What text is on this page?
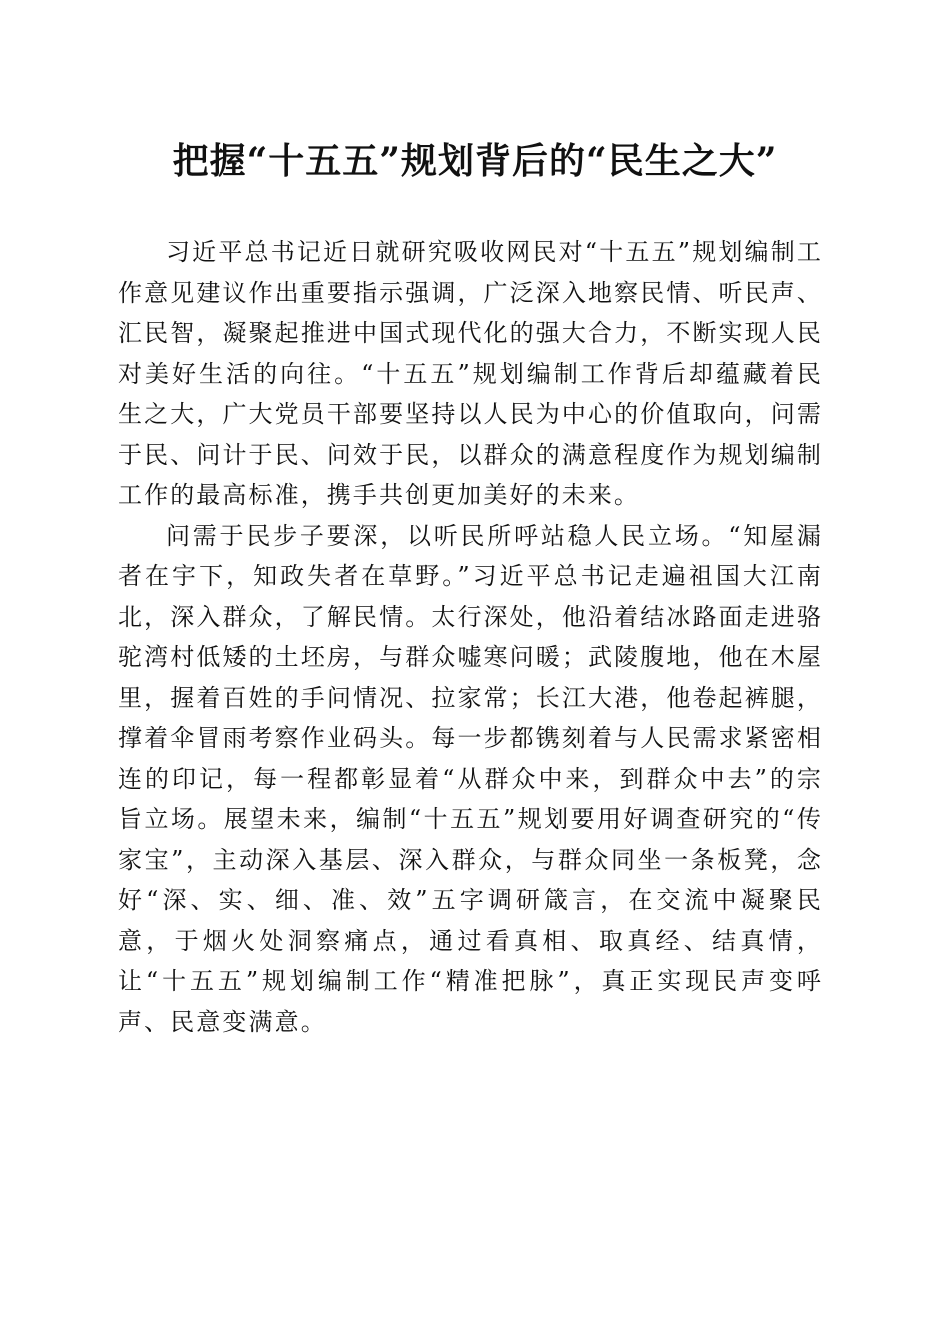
把握“十五五”规划背后的“民生之大”

习近平总书记近日就研究吸收网民对“十五五”规划编制工作意见建议作出重要指示强调，广泛深入地察民情、听民声、汇民智，凝聚起推进中国式现代化的强大合力，不断实现人民对美好生活的向往。“十五五”规划编制工作背后却蕴藏着民生之大，广大党员干部要坚持以人民为中心的价值取向，问需于民、问计于民、问效于民，以群众的满意程度作为规划编制工作的最高标准，携手共创更加美好的未来。

问需于民步子要深，以听民所呼站稳人民立场。“知屋漏者在宇下，知政失者在草野。”习近平总书记走遍祖国大江南北，深入群众，了解民情。太行深处，他沿着结冰路面走进骆驼湾村低矮的土坯房，与群众嘘寒问暖；武陵腹地，他在木屋里，握着百姓的手问情况、拉家常；长江大港，他卷起裤腿，撑着伞冒雨考察作业码头。每一步都镌刻着与人民需求紧密相连的印记，每一程都彰显着“从群众中来，到群众中去”的宗旨立场。展望未来，编制“十五五”规划要用好调查研究的“传家宝”，主动深入基层、深入群众，与群众同坐一条板凳，念好“深、实、细、准、效”五字调研箴言，在交流中凝聚民意，于烟火处洞察痛点，通过看真相、取真经、结真情，让“十五五”规划编制工作“精准把脉”，真正实现民声变呼声、民意变满意。
